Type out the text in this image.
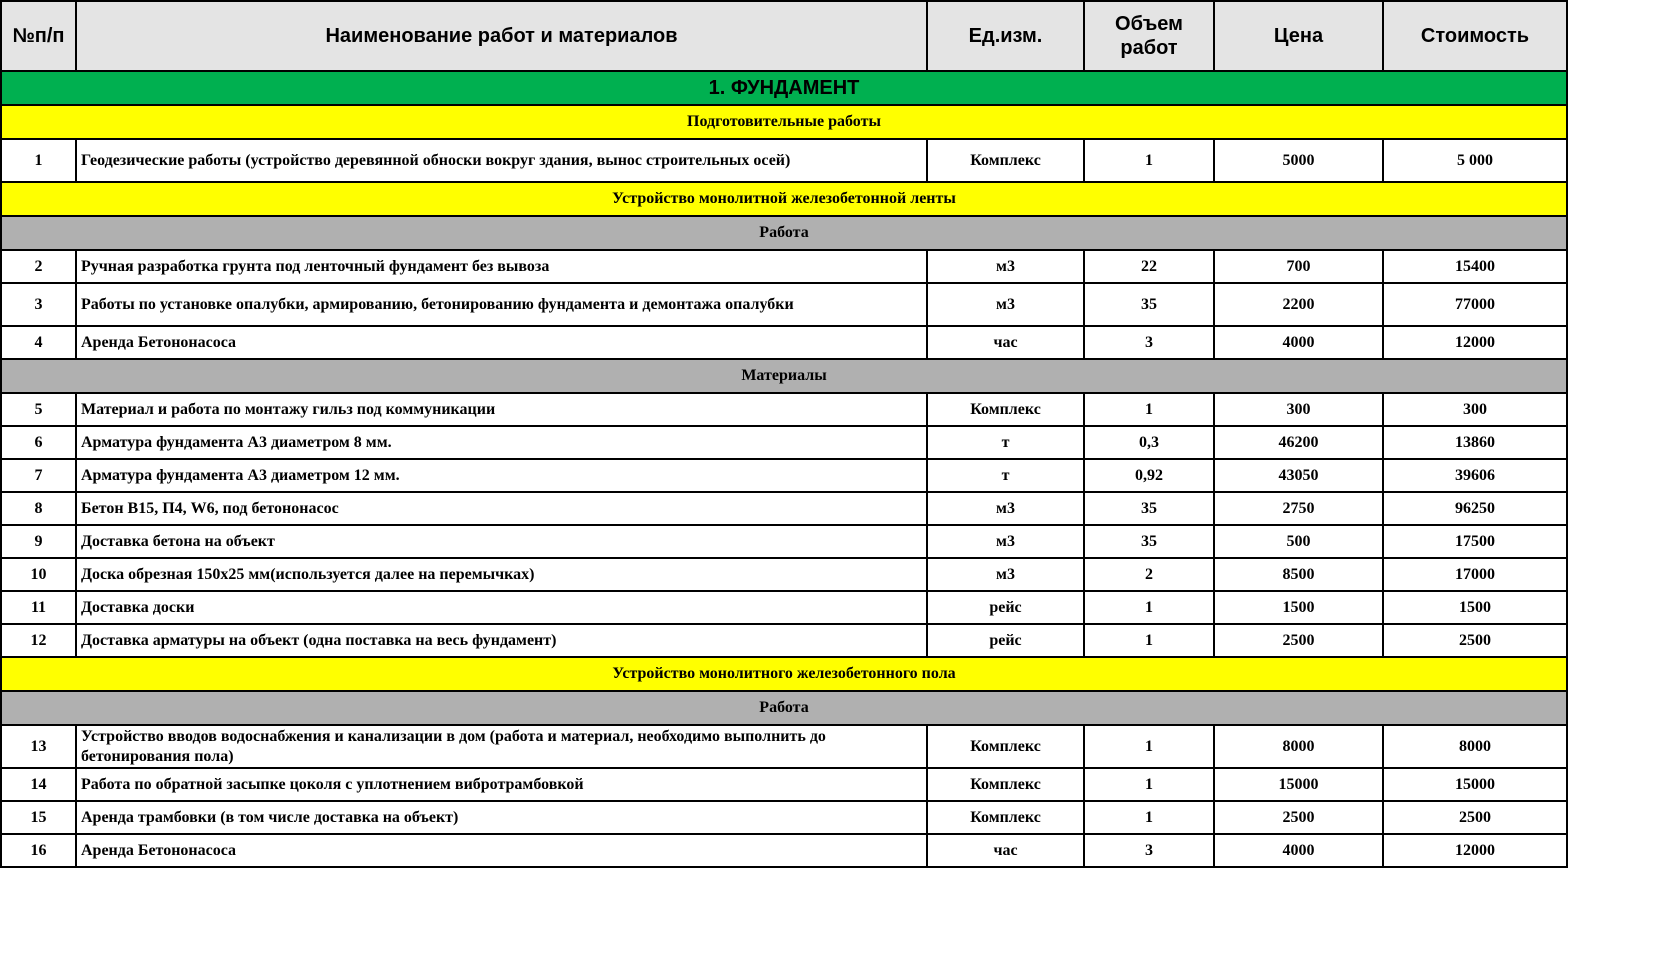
№п/п	Наименование работ и материалов	Ед.изм.	Объем работ	Цена	Стоимость
1. ФУНДАМЕНТ					
Подготовительные работы					
1	Геодезические работы (устройство деревянной обноски вокруг здания, вынос строительных осей)	Комплекс	1	5000	5 000
Устройство монолитной железобетонной ленты					
Работа					
2	Ручная разработка грунта под ленточный фундамент без вывоза	м3	22	700	15400
3	Работы по установке опалубки, армированию, бетонированию фундамента и демонтажа опалубки	м3	35	2200	77000
4	Аренда Бетононасоса	час	3	4000	12000
Материалы					
5	Материал и работа по монтажу гильз под коммуникации	Комплекс	1	300	300
6	Арматура фундамента А3 диаметром 8 мм.	т	0,3	46200	13860
7	Арматура фундамента А3 диаметром 12 мм.	т	0,92	43050	39606
8	Бетон В15, П4, W6, под бетононасос	м3	35	2750	96250
9	Доставка бетона на объект	м3	35	500	17500
10	Доска обрезная 150х25 мм(используется далее на перемычках)	м3	2	8500	17000
11	Доставка доски	рейс	1	1500	1500
12	Доставка арматуры на объект (одна поставка на весь фундамент)	рейс	1	2500	2500
Устройство монолитного железобетонного пола					
Работа					
13	Устройство вводов водоснабжения и канализации в дом (работа и материал, необходимо выполнить до бетонирования пола)	Комплекс	1	8000	8000
14	Работа по обратной засыпке цоколя с уплотнением вибротрамбовкой	Комплекс	1	15000	15000
15	Аренда трамбовки (в том числе доставка на объект)	Комплекс	1	2500	2500
16	Аренда Бетононасоса	час	3	4000	12000
